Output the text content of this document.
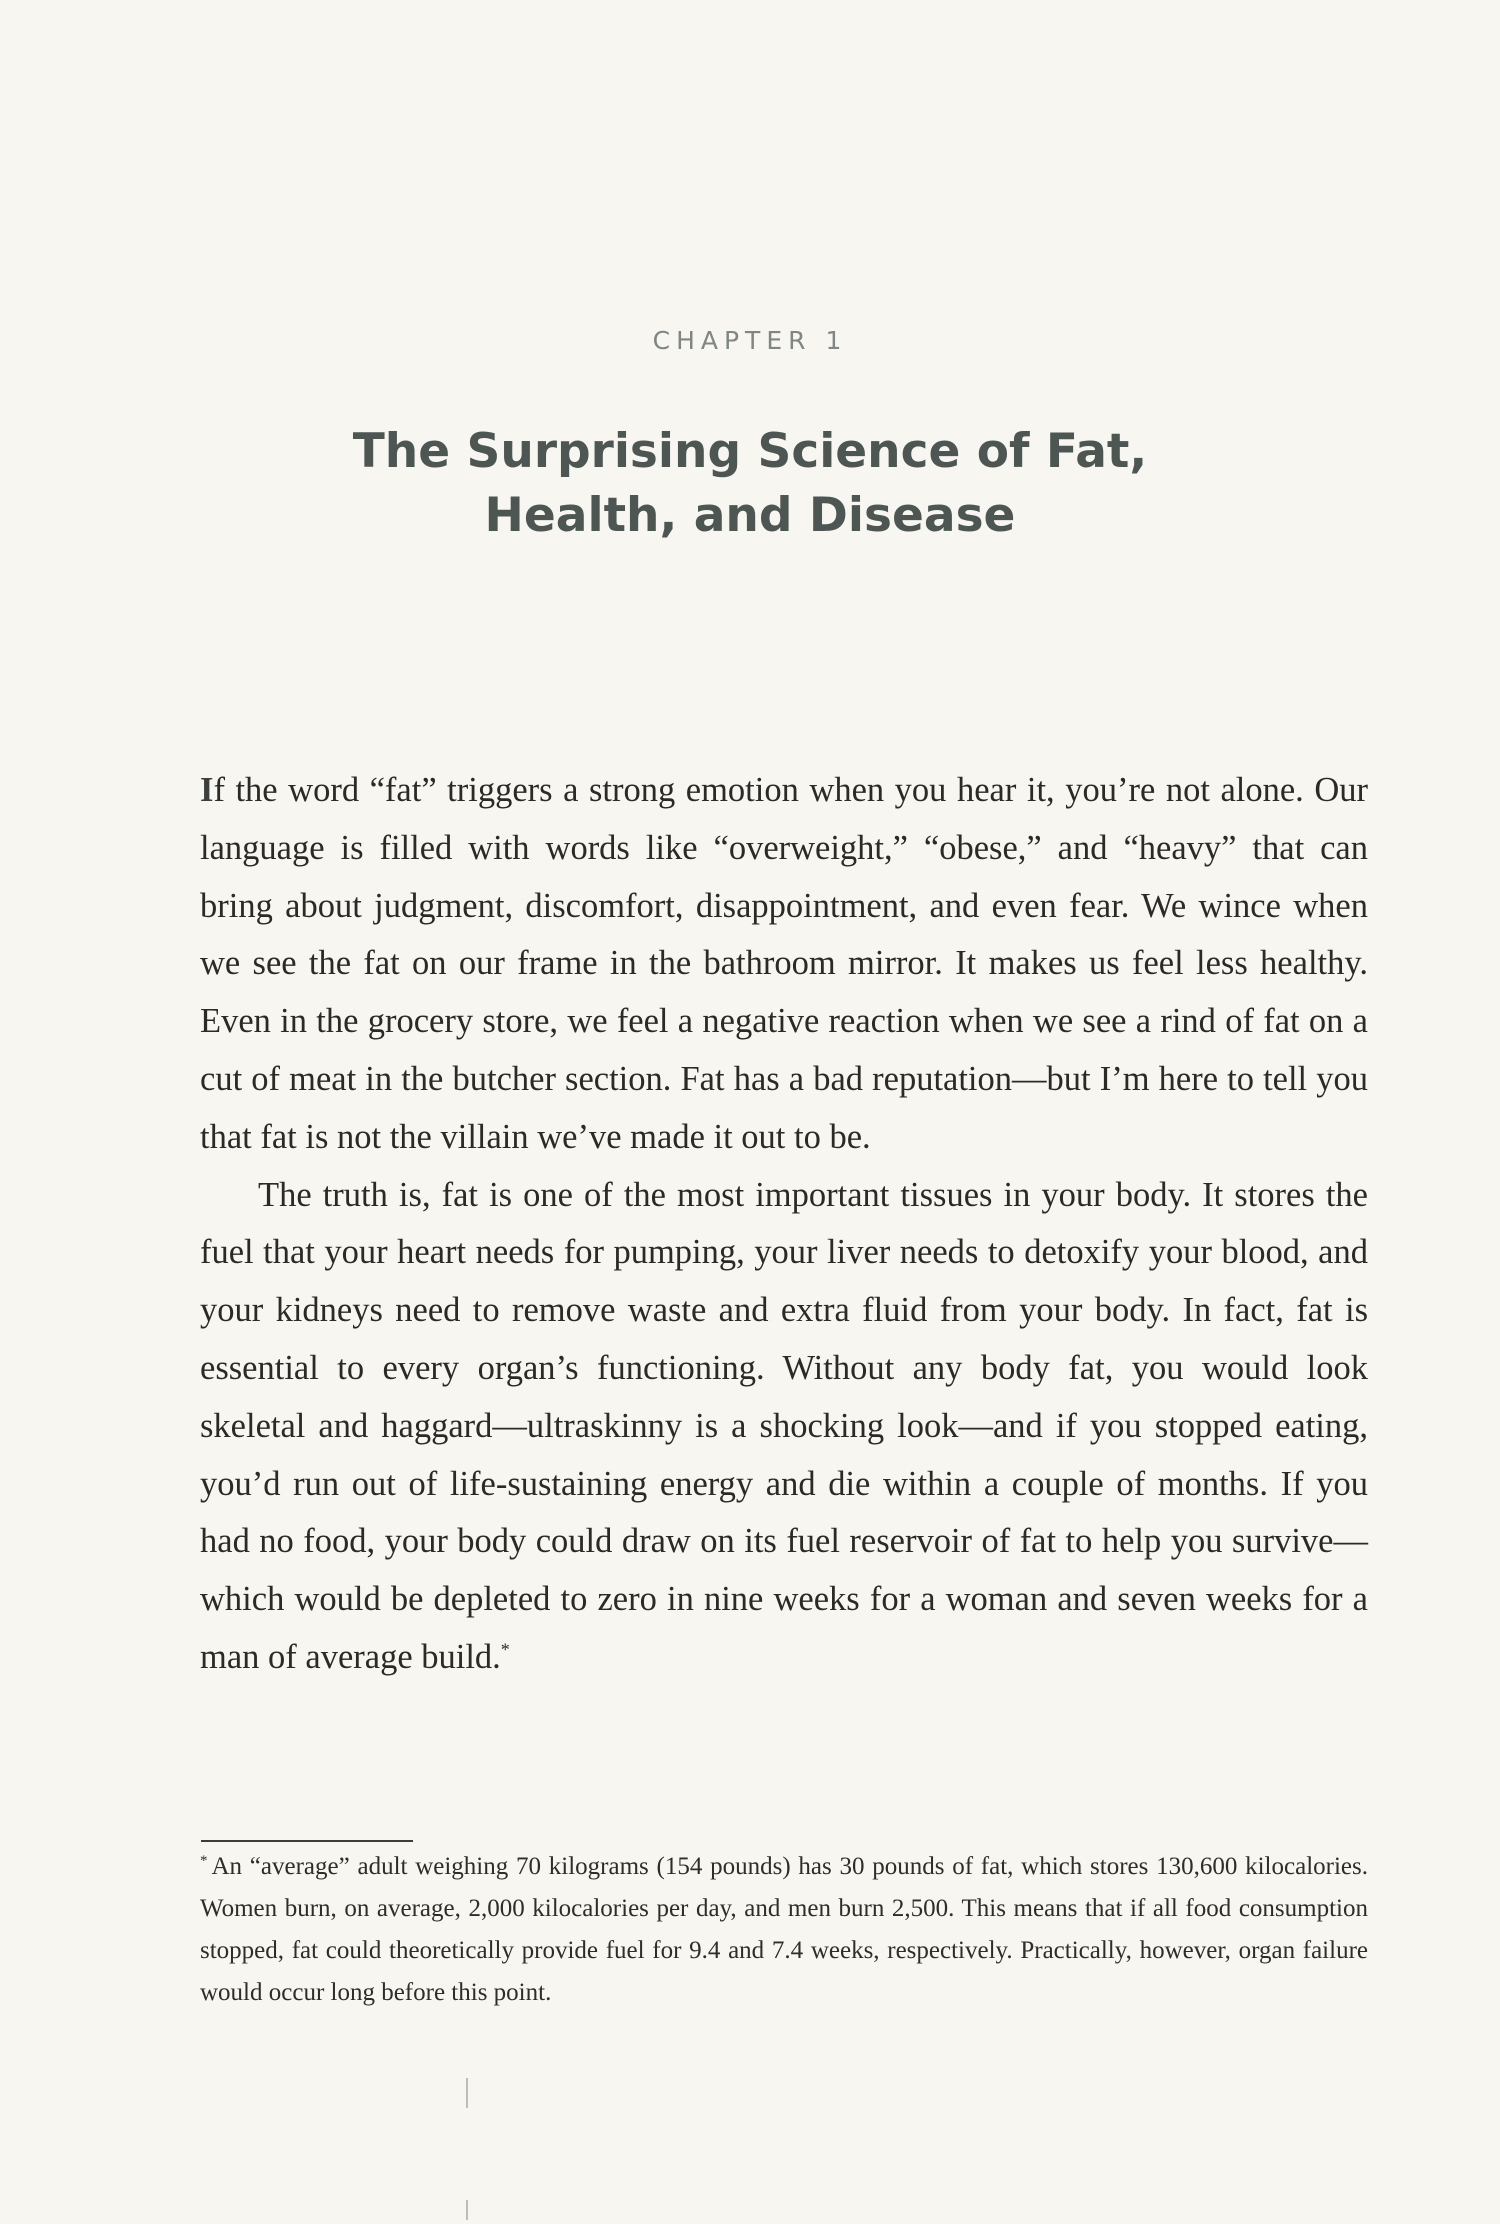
CHAPTER 1
The Surprising Science of Fat,
Health, and Disease

If the word “fat” triggers a strong emotion when you hear it, you’re not alone. Our language is filled with words like “overweight,” “obese,” and “heavy” that can bring about judgment, discomfort, disappointment, and even fear. We wince when we see the fat on our frame in the bathroom mirror. It makes us feel less healthy. Even in the grocery store, we feel a negative reaction when we see a rind of fat on a cut of meat in the butcher section. Fat has a bad reputation—but I’m here to tell you that fat is not the villain we’ve made it out to be.

The truth is, fat is one of the most important tissues in your body. It stores the fuel that your heart needs for pumping, your liver needs to detoxify your blood, and your kidneys need to remove waste and extra fluid from your body. In fact, fat is essential to every organ’s functioning. Without any body fat, you would look skeletal and haggard—ultraskinny is a shocking look—and if you stopped eating, you’d run out of life-sustaining energy and die within a couple of months. If you had no food, your body could draw on its fuel reservoir of fat to help you survive—which would be depleted to zero in nine weeks for a woman and seven weeks for a man of average build.*

* An “average” adult weighing 70 kilograms (154 pounds) has 30 pounds of fat, which stores 130,600 kilocalories. Women burn, on average, 2,000 kilocalories per day, and men burn 2,500. This means that if all food consumption stopped, fat could theoretically provide fuel for 9.4 and 7.4 weeks, respectively. Practically, however, organ failure would occur long before this point.
